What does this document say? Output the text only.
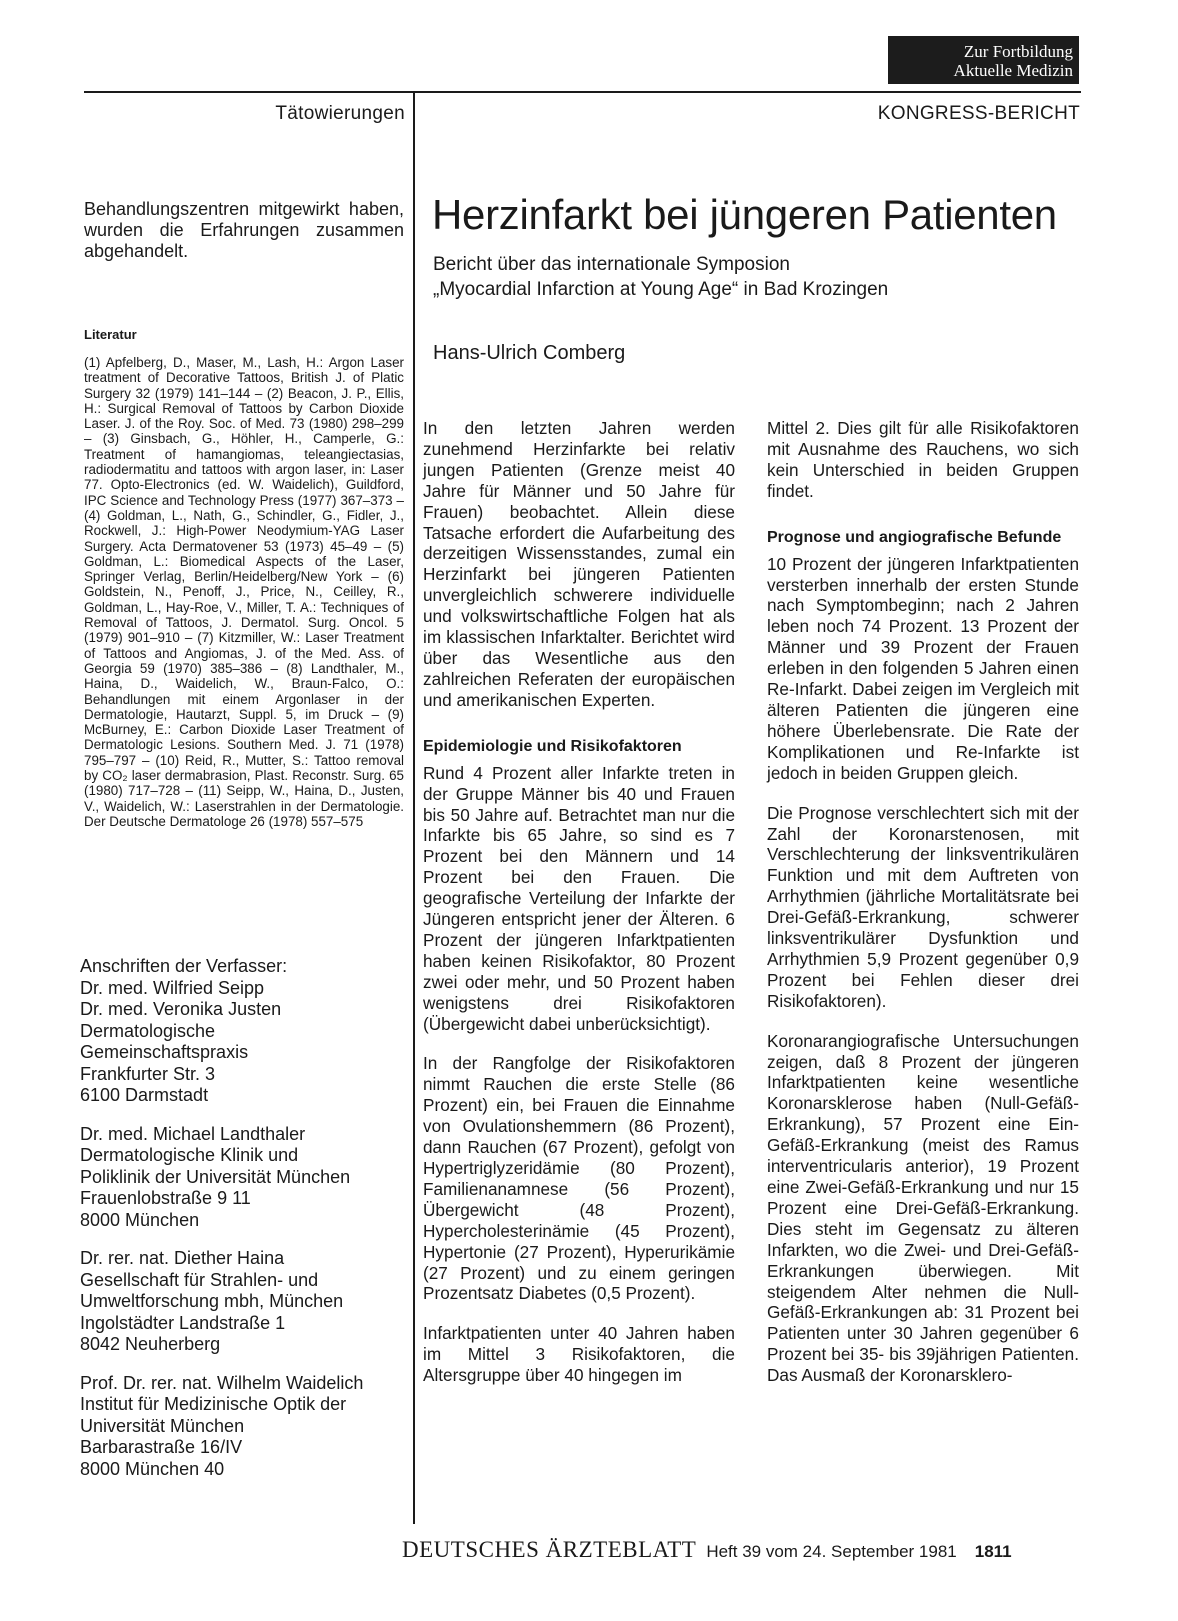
Zur Fortbildung
Aktuelle Medizin
Tätowierungen	KONGRESS-BERICHT
Behandlungszentren mitgewirkt haben, wurden die Erfahrungen zusammen abgehandelt.
Literatur

(1) Apfelberg, D., Maser, M., Lash, H.: Argon Laser treatment of Decorative Tattoos, British J. of Platic Surgery 32 (1979) 141–144 – (2) Beacon, J. P., Ellis, H.: Surgical Removal of Tattoos by Carbon Dioxide Laser. J. of the Roy. Soc. of Med. 73 (1980) 298–299 – (3) Ginsbach, G., Höhler, H., Camperle, G.: Treatment of hamangiomas, teleangiectasias, radiodermatitu and tattoos with argon laser, in: Laser 77. Opto-Electronics (ed. W. Waidelich), Guildford, IPC Science and Technology Press (1977) 367–373 – (4) Goldman, L., Nath, G., Schindler, G., Fidler, J., Rockwell, J.: High-Power Neodymium-YAG Laser Surgery. Acta Dermatovener 53 (1973) 45–49 – (5) Goldman, L.: Biomedical Aspects of the Laser, Springer Verlag, Berlin/Heidelberg/New York – (6) Goldstein, N., Penoff, J., Price, N., Ceilley, R., Goldman, L., Hay-Roe, V., Miller, T. A.: Techniques of Removal of Tattoos, J. Dermatol. Surg. Oncol. 5 (1979) 901–910 – (7) Kitzmiller, W.: Laser Treatment of Tattoos and Angiomas, J. of the Med. Ass. of Georgia 59 (1970) 385–386 – (8) Landthaler, M., Haina, D., Waidelich, W., Braun-Falco, O.: Behandlungen mit einem Argonlaser in der Dermatologie, Hautarzt, Suppl. 5, im Druck – (9) McBurney, E.: Carbon Dioxide Laser Treatment of Dermatologic Lesions. Southern Med. J. 71 (1978) 795–797 – (10) Reid, R., Mutter, S.: Tattoo removal by CO₂ laser dermabrasion, Plast. Reconstr. Surg. 65 (1980) 717–728 – (11) Seipp, W., Haina, D., Justen, V., Waidelich, W.: Laserstrahlen in der Dermatologie. Der Deutsche Dermatologe 26 (1978) 557–575

Anschriften der Verfasser:
Dr. med. Wilfried Seipp
Dr. med. Veronika Justen
Dermatologische
Gemeinschaftspraxis
Frankfurter Str. 3
6100 Darmstadt
Dr. med. Michael Landthaler
Dermatologische Klinik und
Poliklinik der Universität München
Frauenlobstraße 9 11
8000 München
Dr. rer. nat. Diether Haina
Gesellschaft für Strahlen- und
Umweltforschung mbh, München
Ingolstädter Landstraße 1
8042 Neuherberg
Prof. Dr. rer. nat. Wilhelm Waidelich
Institut für Medizinische Optik der
Universität München
Barbarastraße 16/IV
8000 München 40
Herzinfarkt bei jüngeren Patienten
Bericht über das internationale Symposion
„Myocardial Infarction at Young Age“ in Bad Krozingen
Hans-Ulrich Comberg

In den letzten Jahren werden zunehmend Herzinfarkte bei relativ jungen Patienten (Grenze meist 40 Jahre für Männer und 50 Jahre für Frauen) beobachtet. Allein diese Tatsache erfordert die Aufarbeitung des derzeitigen Wissensstandes, zumal ein Herzinfarkt bei jüngeren Patienten unvergleichlich schwerere individuelle und volkswirtschaftliche Folgen hat als im klassischen Infarktalter. Berichtet wird über das Wesentliche aus den zahlreichen Referaten der europäischen und amerikanischen Experten.

Epidemiologie und Risikofaktoren

Rund 4 Prozent aller Infarkte treten in der Gruppe Männer bis 40 und Frauen bis 50 Jahre auf. Betrachtet man nur die Infarkte bis 65 Jahre, so sind es 7 Prozent bei den Männern und 14 Prozent bei den Frauen. Die geografische Verteilung der Infarkte der Jüngeren entspricht jener der Älteren. 6 Prozent der jüngeren Infarktpatienten haben keinen Risikofaktor, 80 Prozent zwei oder mehr, und 50 Prozent haben wenigstens drei Risikofaktoren (Übergewicht dabei unberücksichtigt).

In der Rangfolge der Risikofaktoren nimmt Rauchen die erste Stelle (86 Prozent) ein, bei Frauen die Einnahme von Ovulationshemmern (86 Prozent), dann Rauchen (67 Prozent), gefolgt von Hypertriglyzeridämie (80 Prozent), Familienanamnese (56 Prozent), Übergewicht (48 Prozent), Hypercholesterinämie (45 Prozent), Hypertonie (27 Prozent), Hyperurikämie (27 Prozent) und zu einem geringen Prozentsatz Diabetes (0,5 Prozent).

Infarktpatienten unter 40 Jahren haben im Mittel 3 Risikofaktoren, die Altersgruppe über 40 hingegen im

Mittel 2. Dies gilt für alle Risikofaktoren mit Ausnahme des Rauchens, wo sich kein Unterschied in beiden Gruppen findet.

Prognose und angiografische Befunde

10 Prozent der jüngeren Infarktpatienten versterben innerhalb der ersten Stunde nach Symptombeginn; nach 2 Jahren leben noch 74 Prozent. 13 Prozent der Männer und 39 Prozent der Frauen erleben in den folgenden 5 Jahren einen Re-Infarkt. Dabei zeigen im Vergleich mit älteren Patienten die jüngeren eine höhere Überlebensrate. Die Rate der Komplikationen und Re-Infarkte ist jedoch in beiden Gruppen gleich.

Die Prognose verschlechtert sich mit der Zahl der Koronarstenosen, mit Verschlechterung der linksventrikulären Funktion und mit dem Auftreten von Arrhythmien (jährliche Mortalitätsrate bei Drei-Gefäß-Erkrankung, schwerer linksventrikulärer Dysfunktion und Arrhythmien 5,9 Prozent gegenüber 0,9 Prozent bei Fehlen dieser drei Risikofaktoren).

Koronarangiografische Untersuchungen zeigen, daß 8 Prozent der jüngeren Infarktpatienten keine wesentliche Koronarsklerose haben (Null-Gefäß-Erkrankung), 57 Prozent eine Ein-Gefäß-Erkrankung (meist des Ramus interventricularis anterior), 19 Prozent eine Zwei-Gefäß-Erkrankung und nur 15 Prozent eine Drei-Gefäß-Erkrankung. Dies steht im Gegensatz zu älteren Infarkten, wo die Zwei- und Drei-Gefäß-Erkrankungen überwiegen. Mit steigendem Alter nehmen die Null-Gefäß-Erkrankungen ab: 31 Prozent bei Patienten unter 30 Jahren gegenüber 6 Prozent bei 35- bis 39jährigen Patienten. Das Ausmaß der Koronarsklero-

DEUTSCHES ÄRZTEBLATT Heft 39 vom 24. September 1981 1811
